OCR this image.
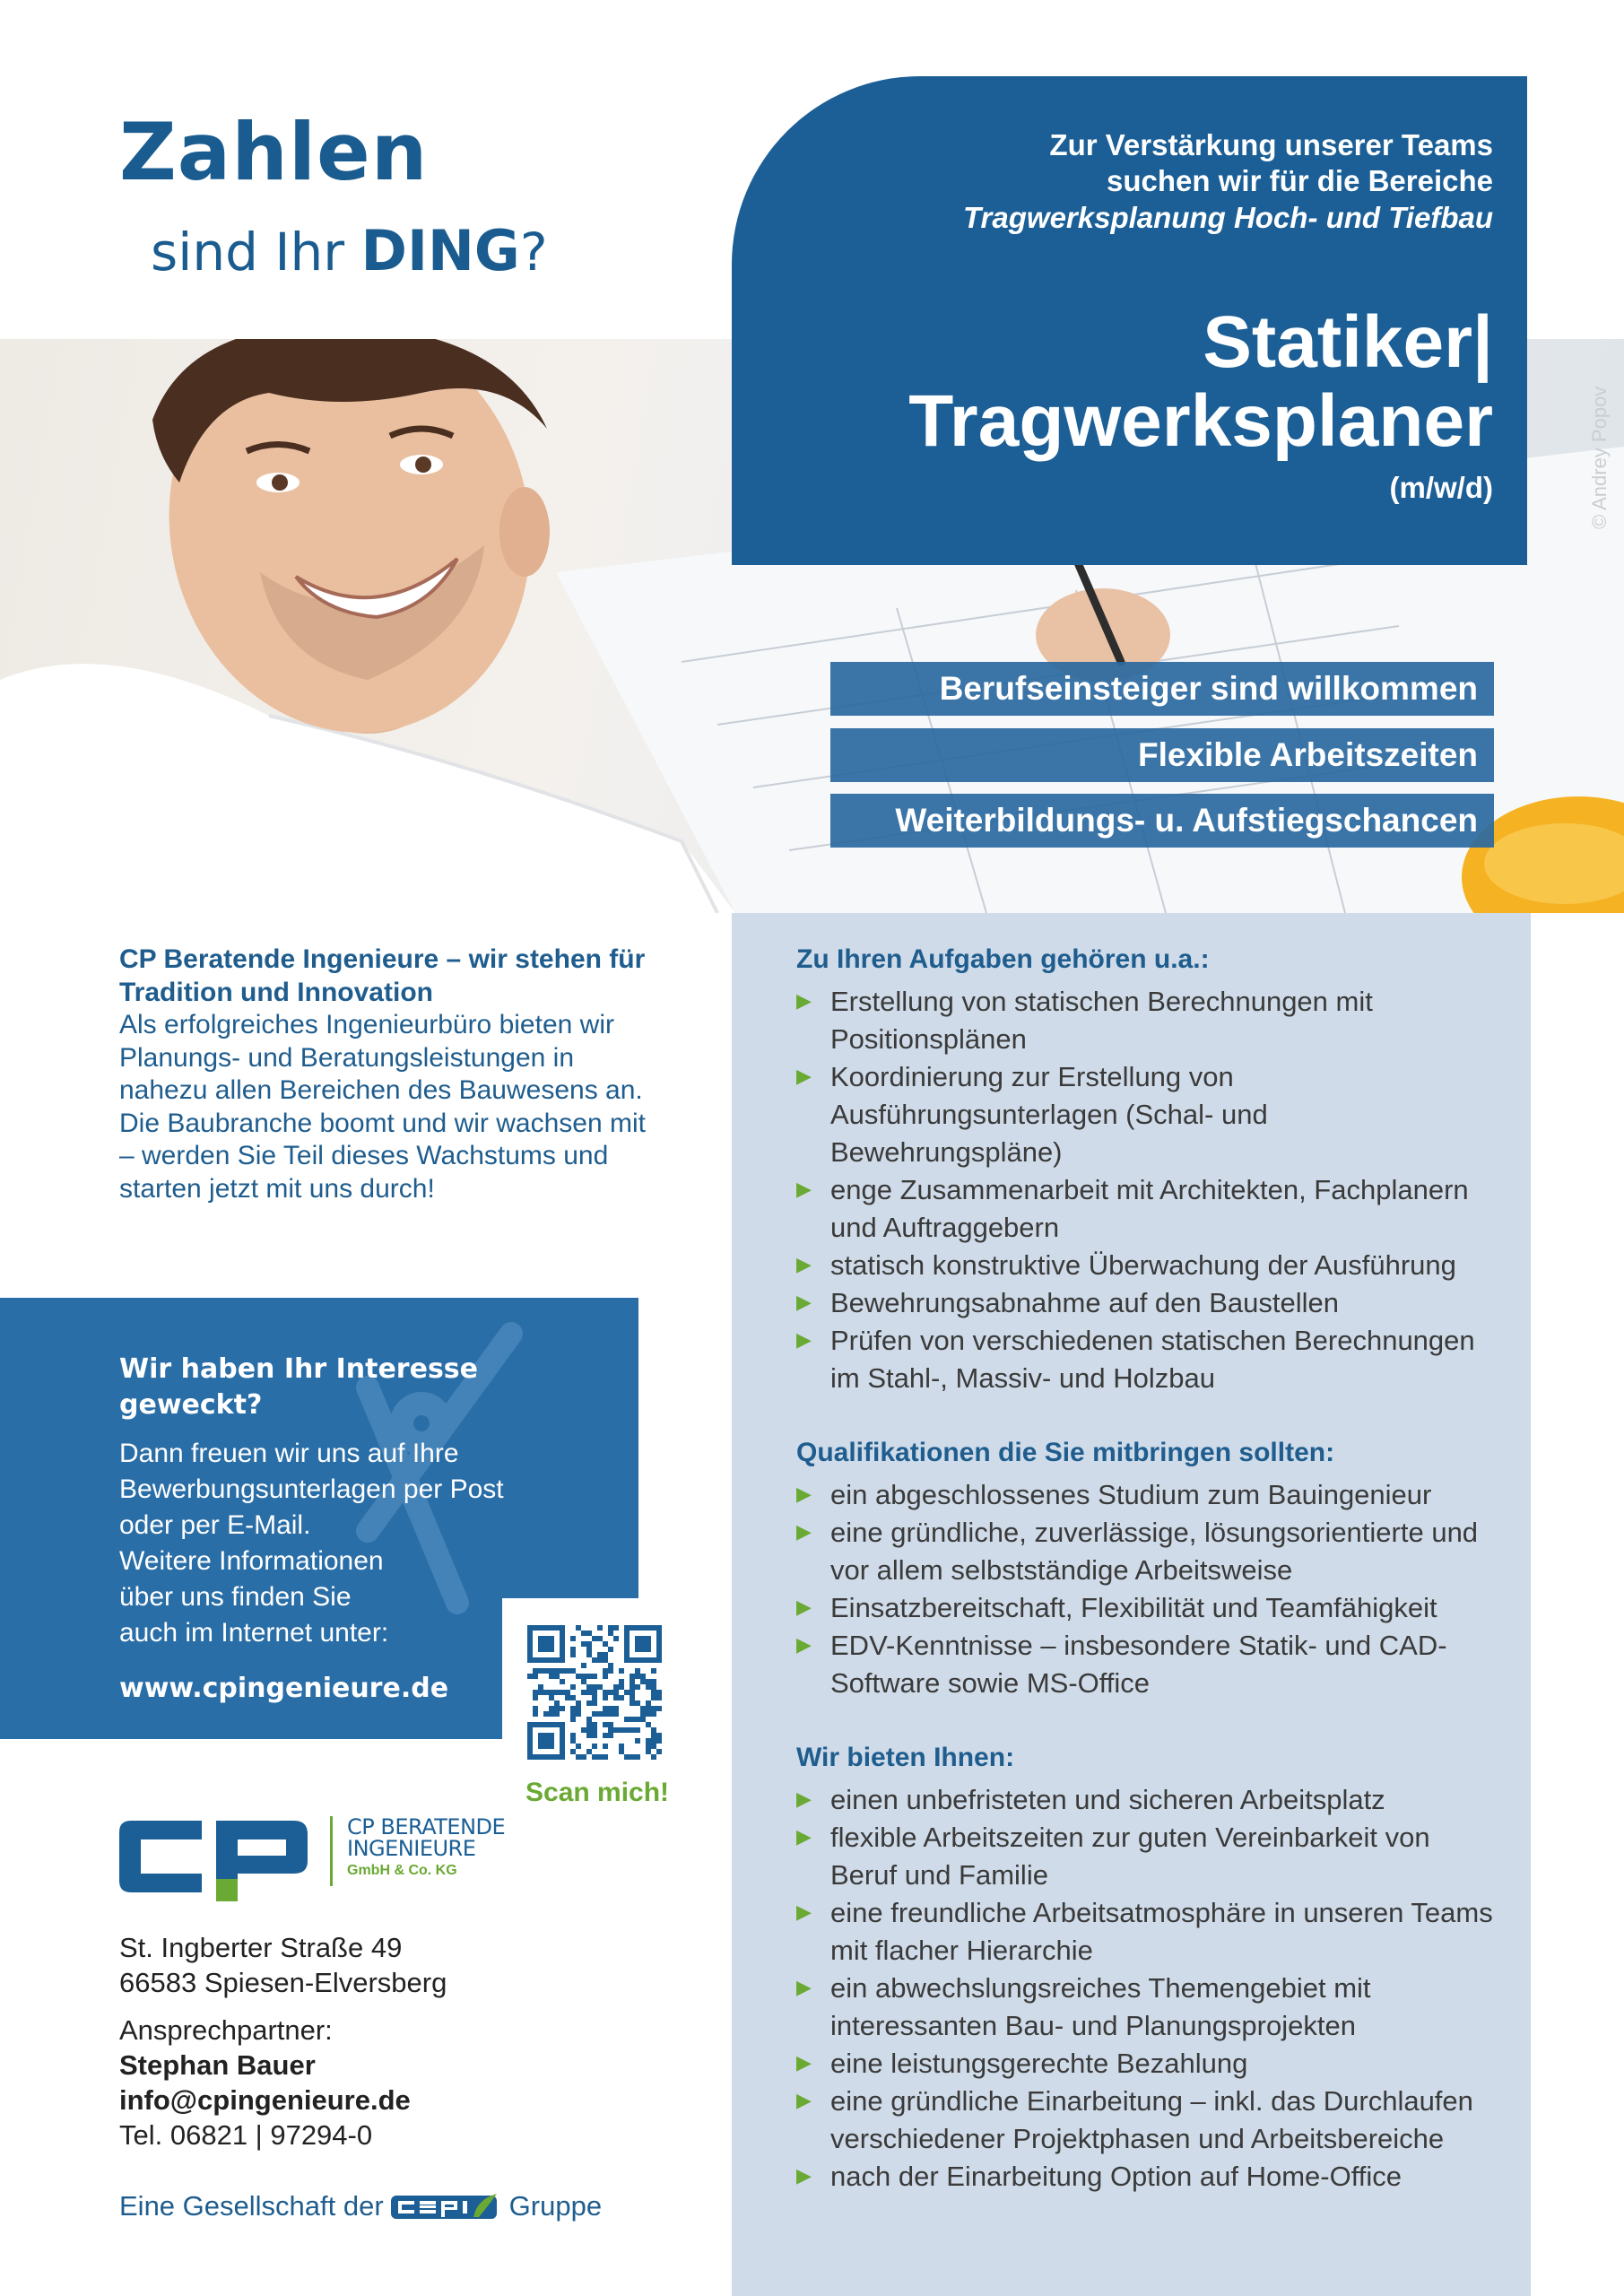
Zahlen
sind Ihr DING?
Zur Verstärkung unserer Teams
suchen wir für die Bereiche
Tragwerksplanung Hoch- und Tiefbau
Statiker|
Tragwerksplaner
(m/w/d)	© Andrey Popov
Berufseinsteiger sind willkommen
Flexible Arbeitszeiten
Weiterbildungs- u. Aufstiegschancen
Zu Ihren Aufgaben gehören u.a.:
▶ Erstellung von statischen Berechnungen mit Positionsplänen
▶ Koordinierung zur Erstellung von Ausführungsunterlagen (Schal- und Bewehrungspläne)
▶ enge Zusammenarbeit mit Architekten, Fachplanern und Auftraggebern
▶ statisch konstruktive Überwachung der Ausführung
▶ Bewehrungsabnahme auf den Baustellen
▶ Prüfen von verschiedenen statischen Berechnungen im Stahl-, Massiv- und Holzbau
Qualifikationen die Sie mitbringen sollten:
▶ ein abgeschlossenes Studium zum Bauingenieur
▶ eine gründliche, zuverlässige, lösungsorientierte und vor allem selbstständige Arbeitsweise
▶ Einsatzbereitschaft, Flexibilität und Teamfähigkeit
▶ EDV-Kenntnisse – insbesondere Statik- und CAD-Software sowie MS-Office
Wir bieten Ihnen:
▶ einen unbefristeten und sicheren Arbeitsplatz
▶ flexible Arbeitszeiten zur guten Vereinbarkeit von Beruf und Familie
▶ eine freundliche Arbeitsatmosphäre in unseren Teams mit flacher Hierarchie
▶ ein abwechslungsreiches Themengebiet mit interessanten Bau- und Planungsprojekten
▶ eine leistungsgerechte Bezahlung
▶ eine gründliche Einarbeitung – inkl. das Durchlaufen verschiedener Projektphasen und Arbeitsbereiche
▶ nach der Einarbeitung Option auf Home-Office
CP Beratende Ingenieure – wir stehen für Tradition und Innovation
Als erfolgreiches Ingenieurbüro bieten wir Planungs- und Beratungsleistungen in nahezu allen Bereichen des Bauwesens an. Die Baubranche boomt und wir wachsen mit – werden Sie Teil dieses Wachstums und starten jetzt mit uns durch!
Wir haben Ihr Interesse geweckt?
Dann freuen wir uns auf Ihre Bewerbungsunterlagen per Post oder per E-Mail.
Weitere Informationen über uns finden Sie auch im Internet unter:
www.cpingenieure.de
Scan mich!
CP BERATENDE
INGENIEURE
GmbH & Co. KG
St. Ingberter Straße 49
66583 Spiesen-Elversberg
Ansprechpartner:
Stephan Bauer
info@cpingenieure.de
Tel. 06821 | 97294-0
Eine Gesellschaft der	Gruppe
